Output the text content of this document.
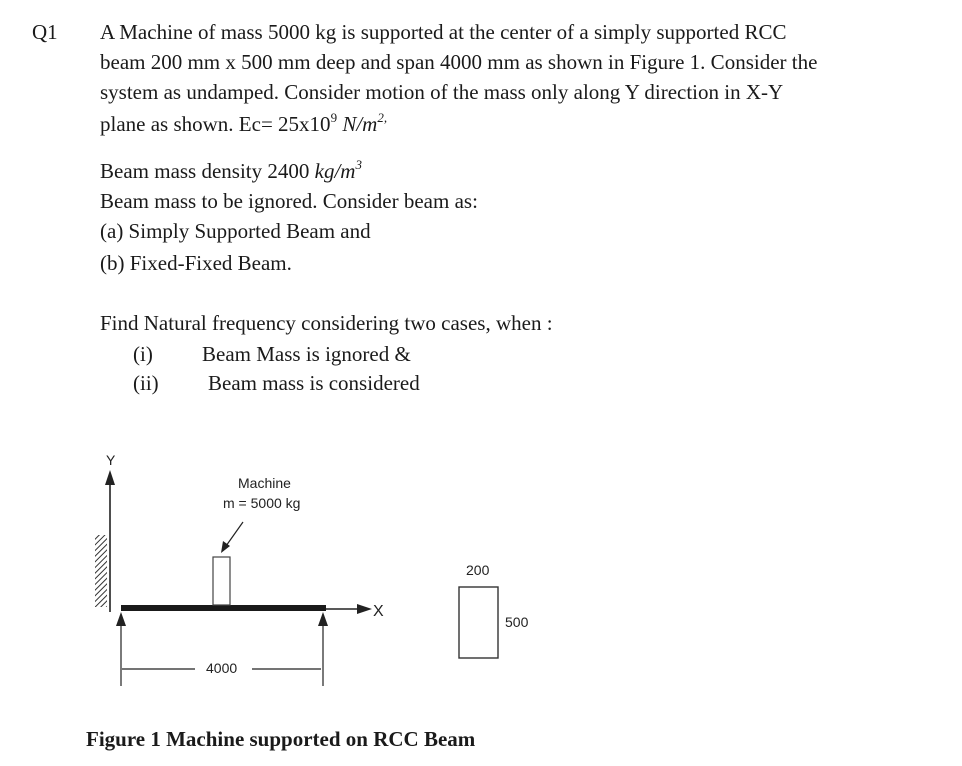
Q1 A Machine of mass 5000 kg is supported at the center of a simply supported RCC
beam 200 mm x 500 mm deep and span 4000 mm as shown in Figure 1. Consider the
system as undamped. Consider motion of the mass only along Y direction in X-Y
plane as shown. $Ec= 25x10^9$ $N/m^{2,}$
Beam mass density 2400 $kg/m^3$
Beam mass to be ignored. Consider beam as:
(a) Simply Supported Beam and
(b) Fixed-Fixed Beam.
Find Natural frequency considering two cases, when :
(i) Beam Mass is ignored &
(ii) Beam mass is considered
Y
X
Machine
m = 5000 kg
4000
200
500
Figure 1 Machine supported on RCC Beam
